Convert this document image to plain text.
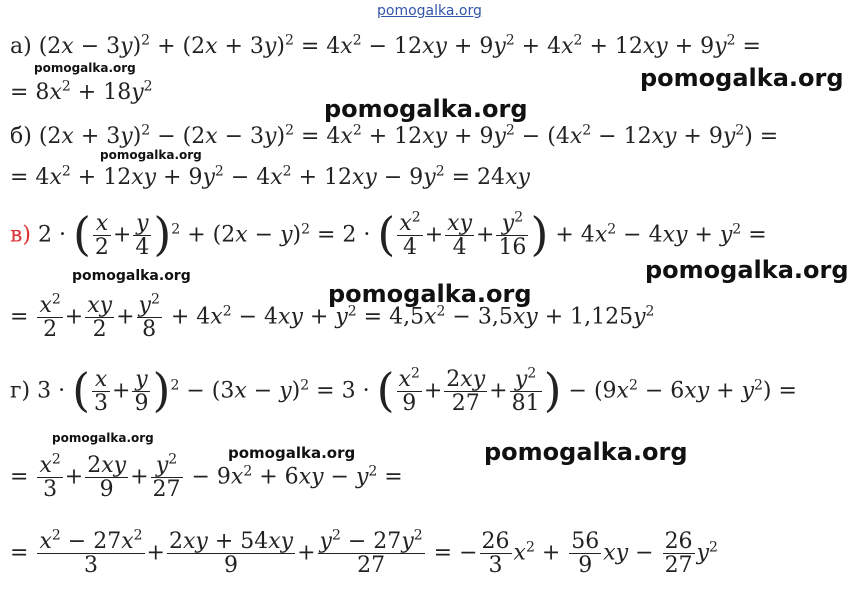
pomogalka.org
а) $(2x - 3y)^2 + (2x + 3y)^2 = 4x^2 - 12xy + 9y^2 + 4x^2 + 12xy + 9y^2$ =
= $8x^2 + 18y^2$
б) $(2x + 3y)^2 - (2x - 3y)^2 = 4x^2 + 12xy + 9y^2 - (4x^2 - 12xy + 9y^2)$ =
= $4x^2 + 12xy + 9y^2 - 4x^2 + 12xy - 9y^2 = 24xy$
в) 2 · ( $\frac{x}{2} + \frac{y}{4} )^2 + (2x - y)^2 = 2$ · ( $\frac{x^2}{4} + \frac{xy}{4} + \frac{y^2}{16}$ ) + $4x^2 - 4xy + y^2$ =
= $\frac{x^2}{2} + \frac{xy}{2} + \frac{y^2}{8} + 4x^2 - 4xy + y^2 = 4,5x^2 - 3,5xy + 1,125y^2$
г) 3 · ( $\frac{x}{3} + \frac{y}{9} )^2 - (3x - y)^2 = 3$ · ( $\frac{x^2}{9} + \frac{2xy}{27} + \frac{y^2}{81}$ ) − $(9x^2 - 6xy + y^2)$ =
= $\frac{x^2}{3} + \frac{2xy}{9} + \frac{y^2}{27} - 9x^2 + 6xy - y^2$ =
= $\frac{x^2 - 27x^2}{3} + \frac{2xy + 54xy}{9} + \frac{y^2 - 27y^2}{27}$ = − $\frac{26}{3} x^2 + \frac{56}{9}$ xy − $\frac{26}{27} y^2$
pomogalka.org	pomogalka.org
pomogalka.org
pomogalka.org
pomogalka.org	pomogalka.org
pomogalka.org
pomogalka.org
pomogalka.org	pomogalka.org
